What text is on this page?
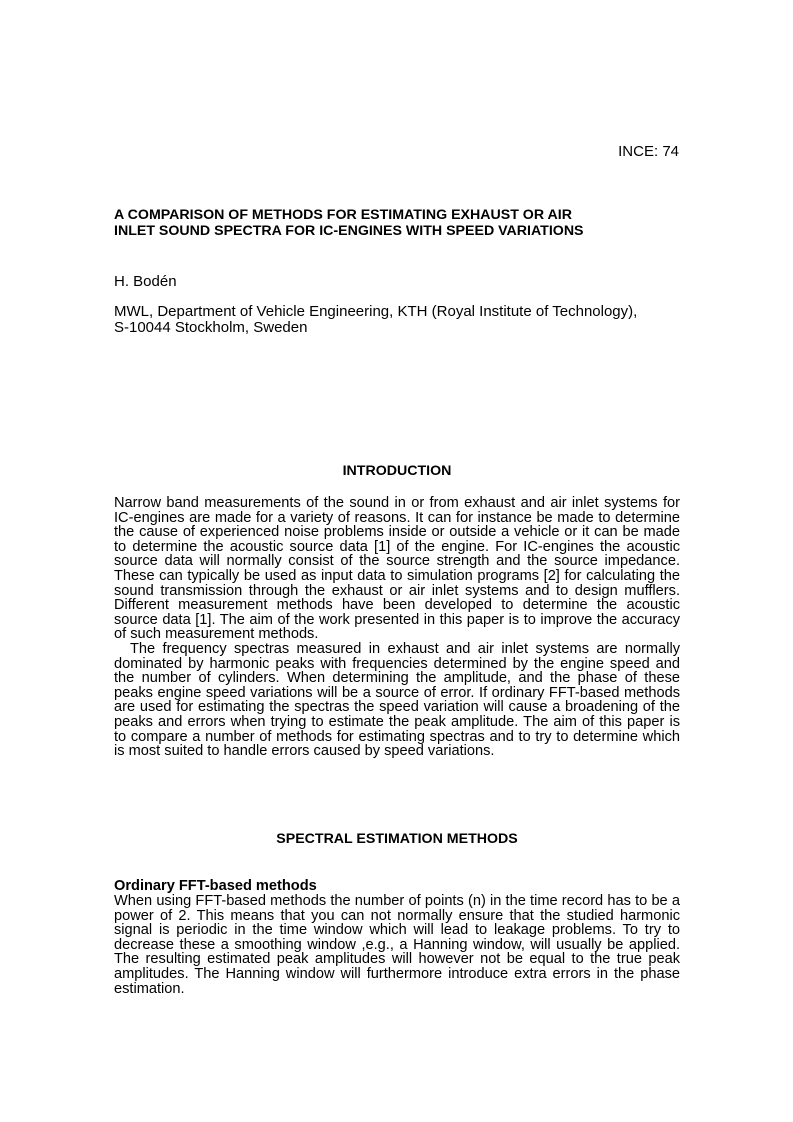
INCE: 74
A COMPARISON OF METHODS FOR ESTIMATING EXHAUST OR AIR
INLET SOUND SPECTRA FOR IC-ENGINES WITH SPEED VARIATIONS
H. Bodén
MWL, Department of Vehicle Engineering, KTH (Royal Institute of Technology),
S-10044 Stockholm, Sweden
INTRODUCTION

Narrow band measurements of the sound in or from exhaust and air inlet systems for IC-engines are made for a variety of reasons. It can for instance be made to determine the cause of experienced noise problems inside or outside a vehicle or it can be made to determine the acoustic source data [1] of the engine. For IC-engines the acoustic source data will normally consist of the source strength and the source impedance. These can typically be used as input data to simulation programs [2] for calculating the sound transmission through the exhaust or air inlet systems and to design mufflers. Different measurement methods have been developed to determine the acoustic source data [1]. The aim of the work presented in this paper is to improve the accuracy of such measurement methods.

The frequency spectras measured in exhaust and air inlet systems are normally dominated by harmonic peaks with frequencies determined by the engine speed and the number of cylinders. When determining the amplitude, and the phase of these peaks engine speed variations will be a source of error. If ordinary FFT-based methods are used for estimating the spectras the speed variation will cause a broadening of the peaks and errors when trying to estimate the peak amplitude. The aim of this paper is to compare a number of methods for estimating spectras and to try to determine which is most suited to handle errors caused by speed variations.

SPECTRAL ESTIMATION METHODS
Ordinary FFT-based methods

When using FFT-based methods the number of points (n) in the time record has to be a power of 2. This means that you can not normally ensure that the studied harmonic signal is periodic in the time window which will lead to leakage problems. To try to decrease these a smoothing window ,e.g., a Hanning window, will usually be applied. The resulting estimated peak amplitudes will however not be equal to the true peak amplitudes. The Hanning window will furthermore introduce extra errors in the phase estimation.
